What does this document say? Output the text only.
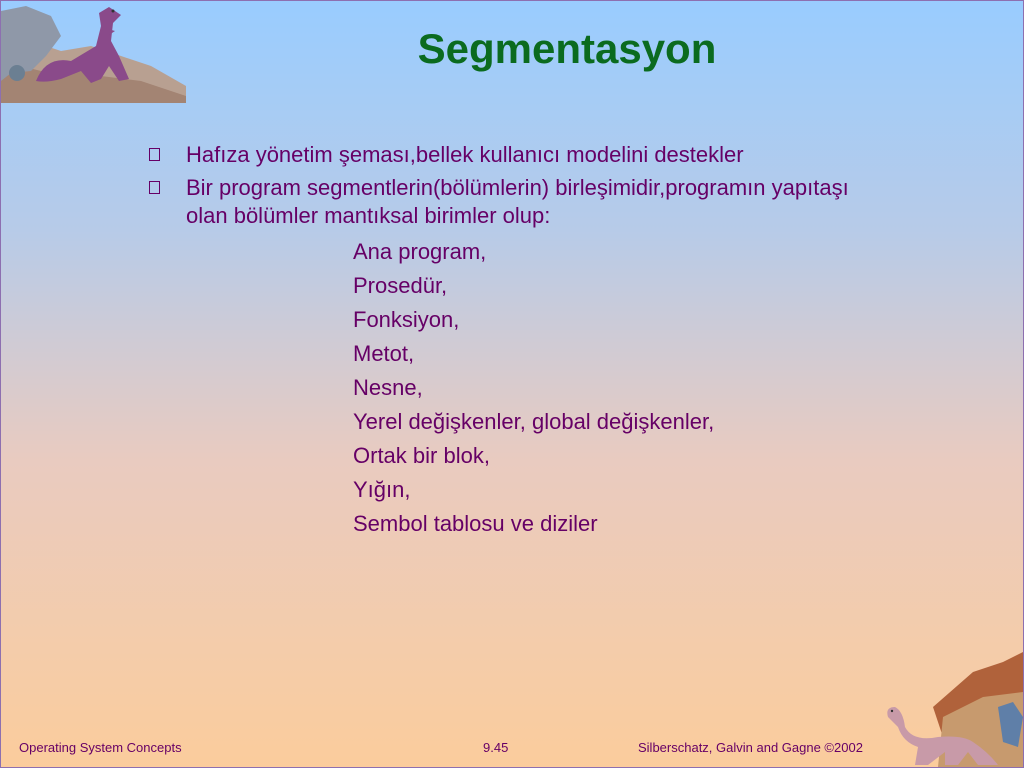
Segmentasyon
Hafıza yönetim şeması,bellek kullanıcı modelini destekler
Bir program segmentlerin(bölümlerin) birleşimidir,programın yapıtaşı olan bölümler mantıksal birimler olup:
Ana program,
Prosedür,
Fonksiyon,
Metot,
Nesne,
Yerel değişkenler, global değişkenler,
Ortak bir blok,
Yığın,
Sembol tablosu ve diziler
Operating System Concepts	9.45	Silberschatz, Galvin and Gagne ©2002
